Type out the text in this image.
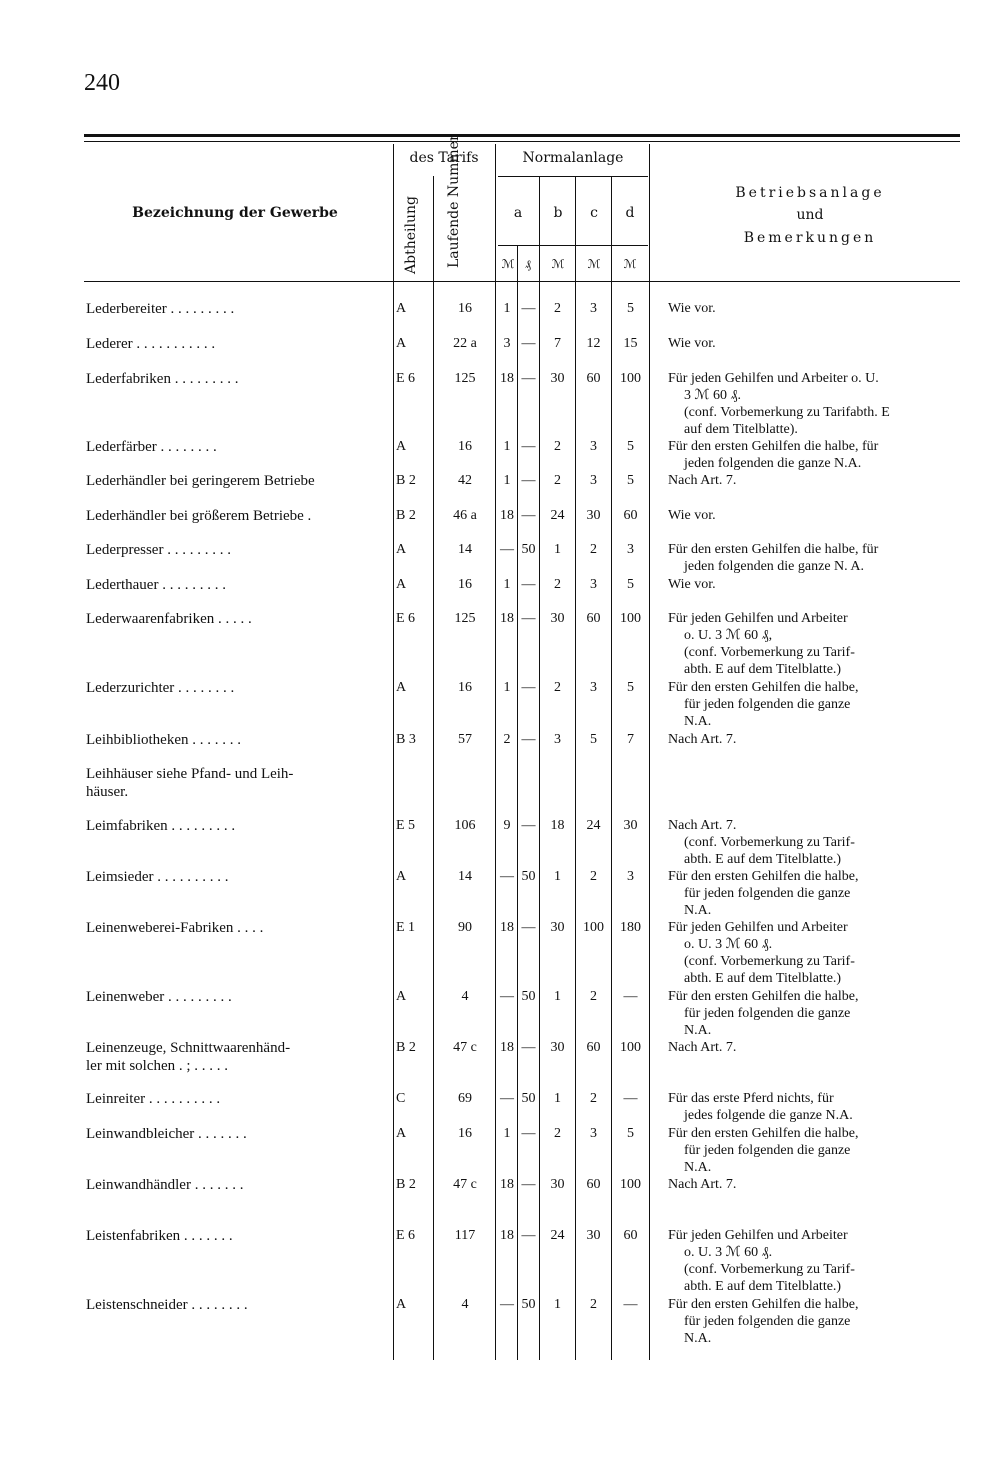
240
Bezeichnung der Gewerbe
des Tarifs	Normalanlage
Abtheilung Laufende Nummer	a	b	c	d
ℳ ₰	ℳ	ℳ	ℳ
Betriebsanlage
und
Bemerkungen
Lederbereiter . . . . . . . . .	A	16	1 —	2	3	5	Wie vor.
Lederer . . . . . . . . . . .	A	22 a	3 —	7	12	15	Wie vor.
Lederfabriken . . . . . . . . .	E 6	125	18 —	30	60	100	Für jeden Gehilfen und Arbeiter o. U.
3 ℳ 60 ₰.
(conf. Vorbemerkung zu Tarifabth. E
auf dem Titelblatte).
Lederfärber . . . . . . . .	A	16	1 —	2	3	5	Für den ersten Gehilfen die halbe, für
jeden folgenden die ganze N.A.
Lederhändler bei geringerem Betriebe	B 2	42	1 —	2	3	5	Nach Art. 7.
Lederhändler bei größerem Betriebe .	B 2	46 a	18 —	24	30	60	Wie vor.
Lederpresser . . . . . . . . .	A	14	— 50	1	2	3	Für den ersten Gehilfen die halbe, für
jeden folgenden die ganze N. A.
Lederthauer . . . . . . . . .	A	16	1 —	2	3	5	Wie vor.
Lederwaarenfabriken . . . . .	E 6	125	18 —	30	60	100	Für jeden Gehilfen und Arbeiter
o. U. 3 ℳ 60 ₰,
(conf. Vorbemerkung zu Tarif-
abth. E auf dem Titelblatte.)
Lederzurichter . . . . . . . .	A	16	1 —	2	3	5	Für den ersten Gehilfen die halbe,
für jeden folgenden die ganze
N.A.
Leihbibliotheken . . . . . . .	B 3	57	2 —	3	5	7	Nach Art. 7.
Leihhäuser siehe Pfand- und Leih-
häuser.
Leimfabriken . . . . . . . . .	E 5	106	9 —	18	24	30	Nach Art. 7.
(conf. Vorbemerkung zu Tarif-
abth. E auf dem Titelblatte.)
Leimsieder . . . . . . . . . .	A	14	— 50	1	2	3	Für den ersten Gehilfen die halbe,
für jeden folgenden die ganze
N.A.
Leinenweberei-Fabriken . . . .	E 1	90	18 —	30	100	180	Für jeden Gehilfen und Arbeiter
o. U. 3 ℳ 60 ₰.
(conf. Vorbemerkung zu Tarif-
abth. E auf dem Titelblatte.)
Leinenweber . . . . . . . . .	A	4	— 50	1	2	—	Für den ersten Gehilfen die halbe,
für jeden folgenden die ganze
N.A.
Leinenzeuge, Schnittwaarenhänd-
ler mit solchen . ; . . . . .
B 2	47 c	18 —	30	60	100	Nach Art. 7.
Leinreiter . . . . . . . . . .	C	69	— 50	1	2	—	Für das erste Pferd nichts, für
jedes folgende die ganze N.A.
Leinwandbleicher . . . . . . .	A	16	1 —	2	3	5	Für den ersten Gehilfen die halbe,
für jeden folgenden die ganze
N.A.
Leinwandhändler . . . . . . .	B 2	47 c	18 —	30	60	100	Nach Art. 7.
Leistenfabriken . . . . . . .	E 6	117	18 —	24	30	60	Für jeden Gehilfen und Arbeiter
o. U. 3 ℳ 60 ₰.
(conf. Vorbemerkung zu Tarif-
abth. E auf dem Titelblatte.)
Leistenschneider . . . . . . . .	A	4	— 50	1	2	—	Für den ersten Gehilfen die halbe,
für jeden folgenden die ganze
N.A.
